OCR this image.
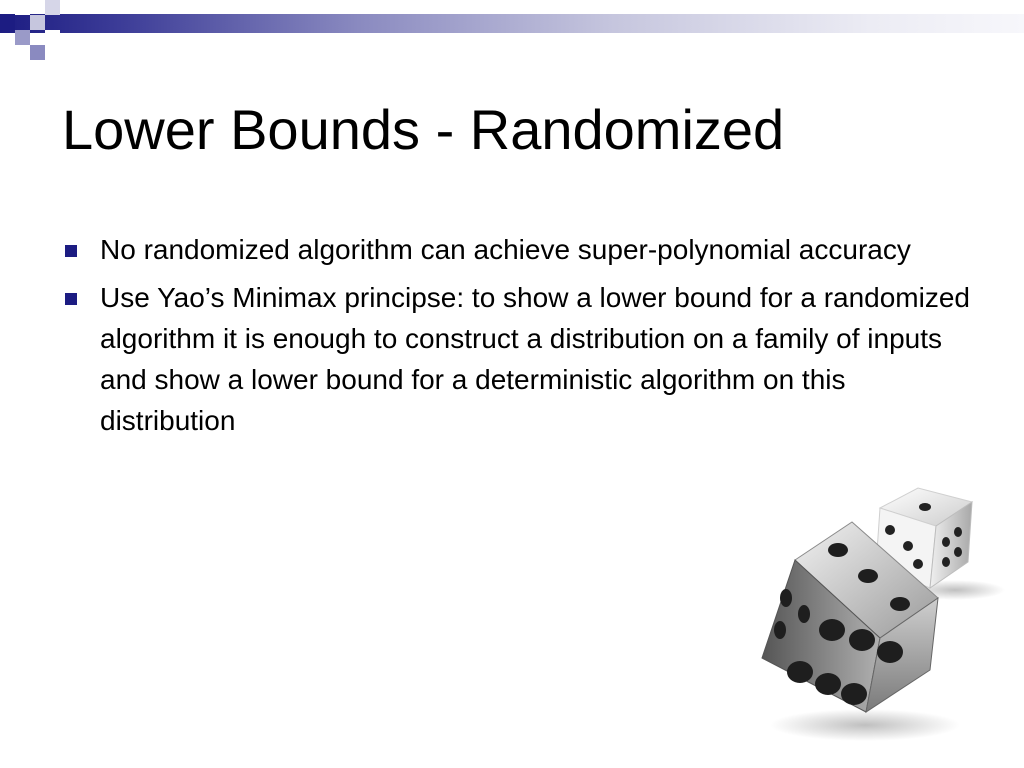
Lower Bounds - Randomized
No randomized algorithm can achieve super-polynomial accuracy
Use Yao’s Minimax principse: to show a lower bound for a randomized algorithm it is enough to construct a distribution on a family of inputs and show a lower bound for a deterministic algorithm on this distribution
